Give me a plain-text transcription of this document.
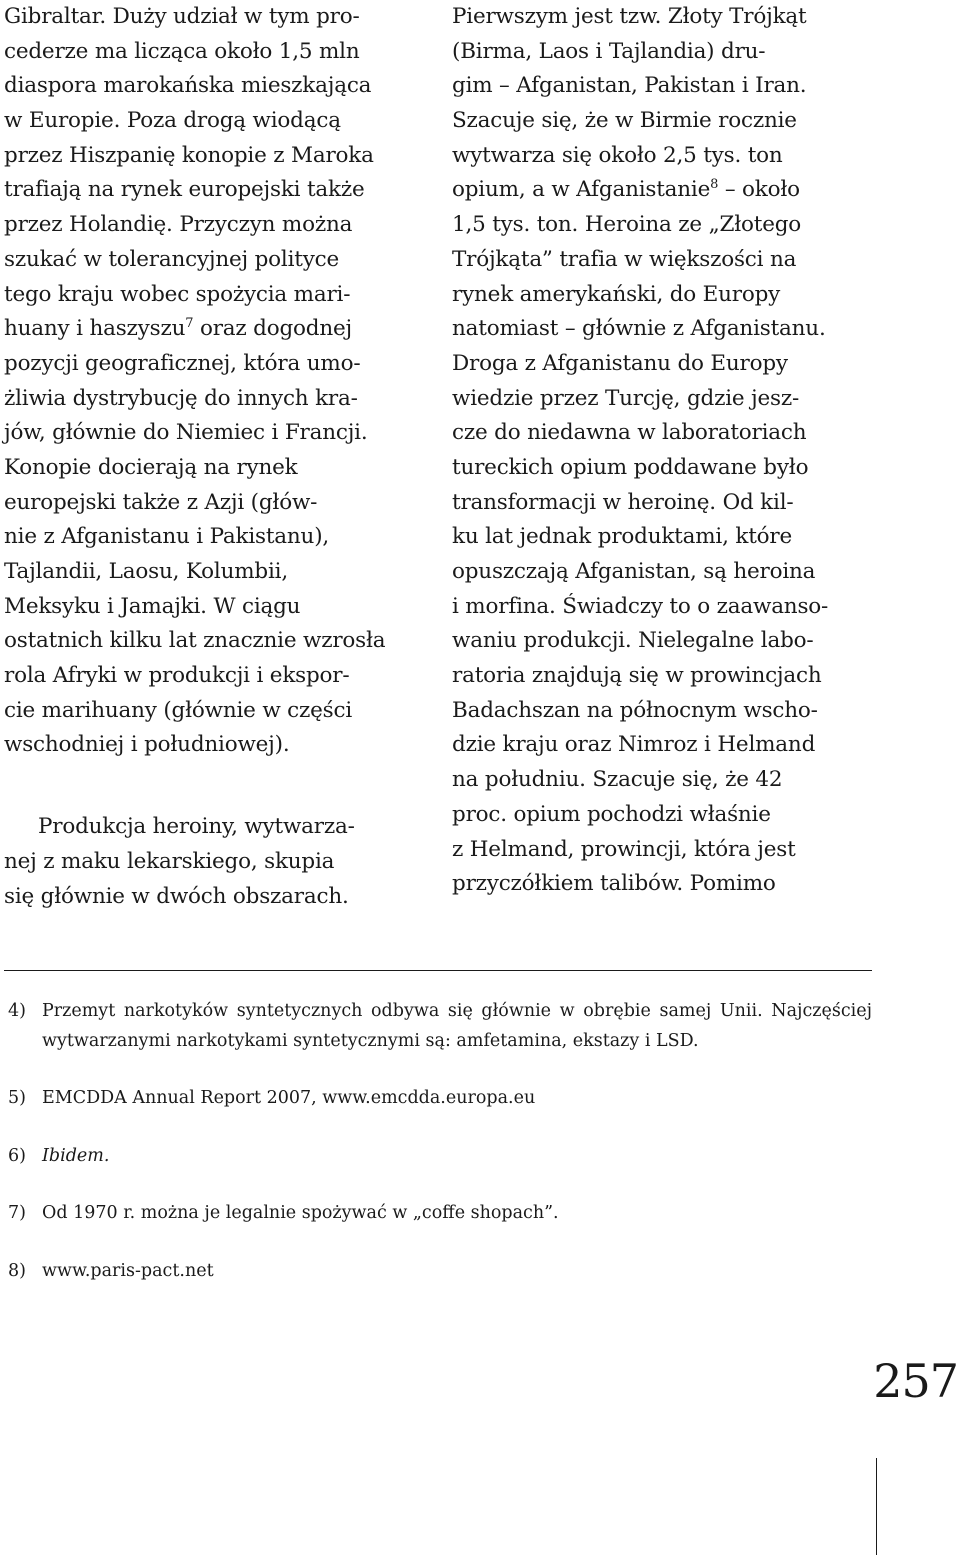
Gibraltar. Duży udział w tym pro-
cederze ma licząca około 1,5 mln
diaspora marokańska mieszkająca
w Europie. Poza drogą wiodącą
przez Hiszpanię konopie z Maroka
trafiają na rynek europejski także
przez Holandię. Przyczyn można
szukać w tolerancyjnej polityce
tego kraju wobec spożycia mari-
huany i haszyszu$^7$ oraz dogodnej
pozycji geograficznej, która umo-
żliwia dystrybucję do innych kra-
jów, głównie do Niemiec i Francji.
Konopie docierają na rynek
europejski także z Azji (głów-
nie z Afganistanu i Pakistanu),
Tajlandii, Laosu, Kolumbii,
Meksyku i Jamajki. W ciągu
ostatnich kilku lat znacznie wzrosła
rola Afryki w produkcji i ekspor-
cie marihuany (głównie w części
wschodniej i południowej).
Produkcja heroiny, wytwarza-
nej z maku lekarskiego, skupia
się głównie w dwóch obszarach.
Pierwszym jest tzw. Złoty Trójkąt
(Birma, Laos i Tajlandia) dru-
gim – Afganistan, Pakistan i Iran.
Szacuje się, że w Birmie rocznie
wytwarza się około 2,5 tys. ton
opium, a w Afganistanie$^8$ – około
1,5 tys. ton. Heroina ze „Złotego
Trójkąta” trafia w większości na
rynek amerykański, do Europy
natomiast – głównie z Afganistanu.
Droga z Afganistanu do Europy
wiedzie przez Turcję, gdzie jesz-
cze do niedawna w laboratoriach
tureckich opium poddawane było
transformacji w heroinę. Od kil-
ku lat jednak produktami, które
opuszczają Afganistan, są heroina
i morfina. Świadczy to o zaawanso-
waniu produkcji. Nielegalne labo-
ratoria znajdują się w prowincjach
Badachszan na północnym wscho-
dzie kraju oraz Nimroz i Helmand
na południu. Szacuje się, że 42
proc. opium pochodzi właśnie
z Helmand, prowincji, która jest
przyczółkiem talibów. Pomimo
4) Przemyt narkotyków syntetycznych odbywa się głównie w obrębie samej Unii. Najczęściej wytwarzanymi narkotykami syntetycznymi są: amfetamina, ekstazy i LSD.
5) EMCDDA Annual Report 2007, www.emcdda.europa.eu
6) Ibidem.
7) Od 1970 r. można je legalnie spożywać w „coffe shopach”.
8) www.paris-pact.net
257
